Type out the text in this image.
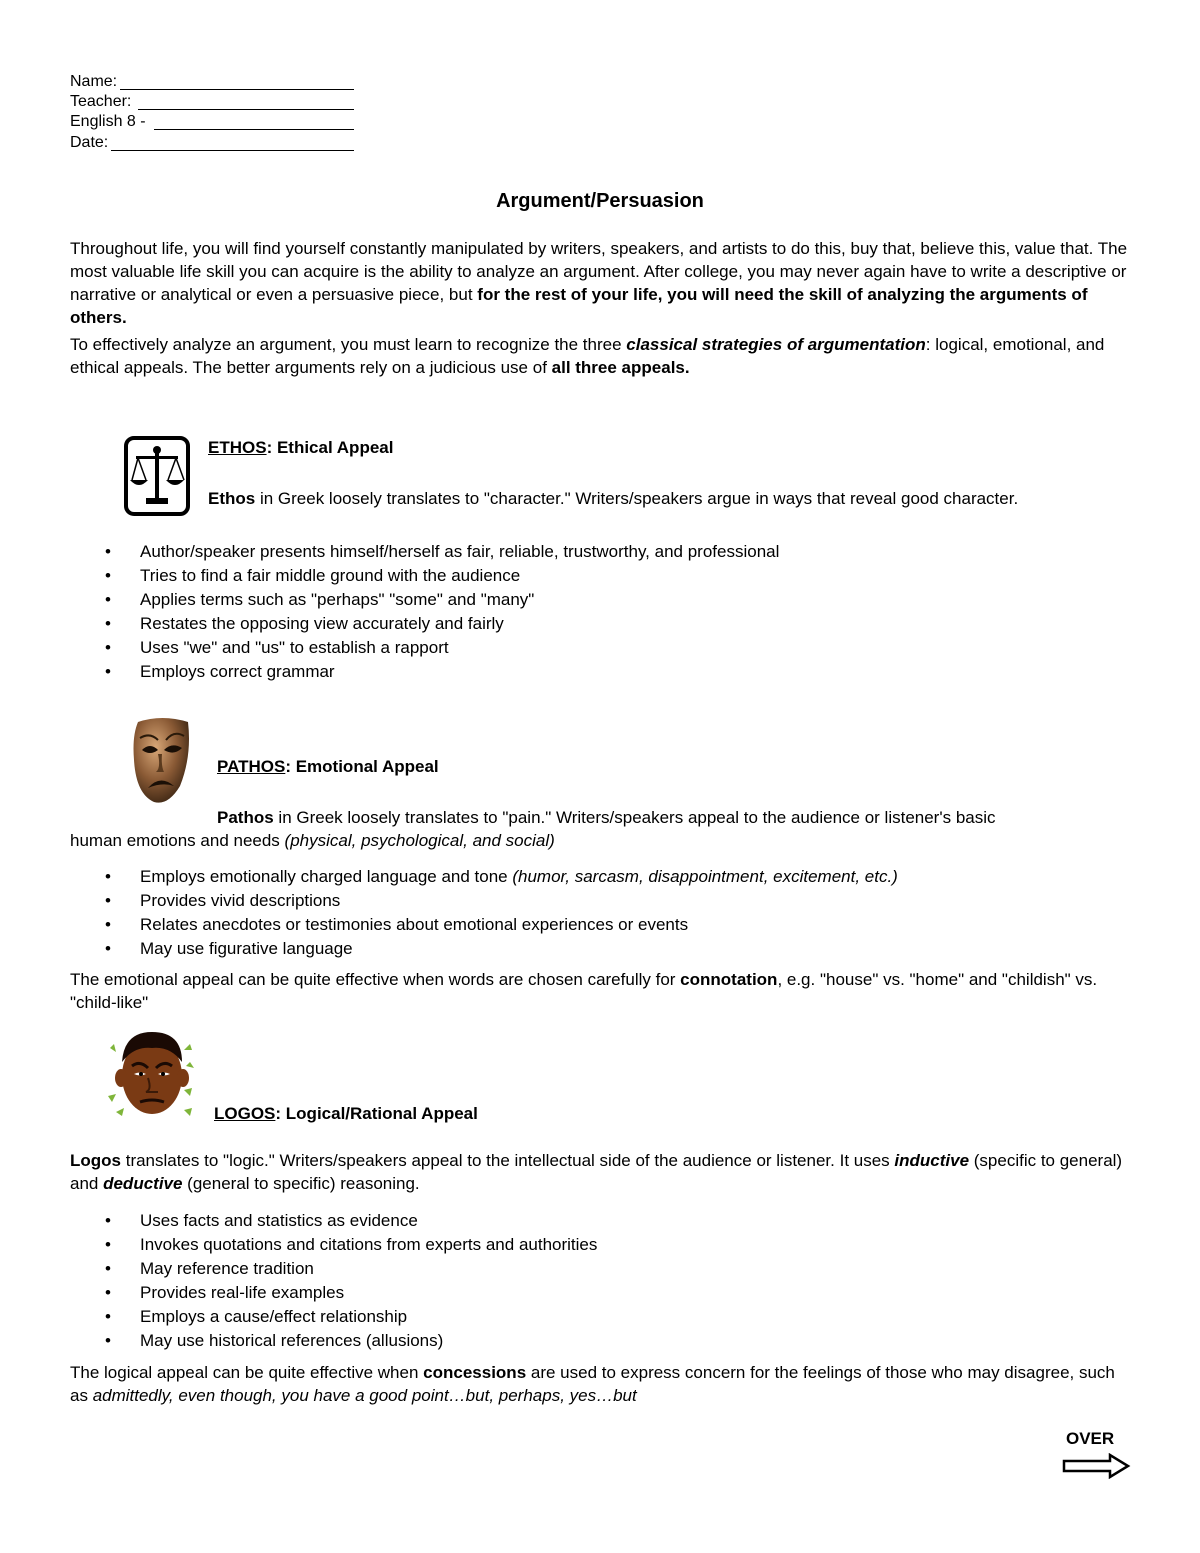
Name:
Teacher:
English 8 -
Date:
Argument/Persuasion
Throughout life, you will find yourself constantly manipulated by writers, speakers, and artists to do this, buy that, believe this, value that. The most valuable life skill you can acquire is the ability to analyze an argument. After college, you may never again have to write a descriptive or narrative or analytical or even a persuasive piece, but for the rest of your life, you will need the skill of analyzing the arguments of others.
To effectively analyze an argument, you must learn to recognize the three classical strategies of argumentation: logical, emotional, and ethical appeals. The better arguments rely on a judicious use of all three appeals.
ETHOS: Ethical Appeal
Ethos in Greek loosely translates to "character." Writers/speakers argue in ways that reveal good character.
• Author/speaker presents himself/herself as fair, reliable, trustworthy, and professional
• Tries to find a fair middle ground with the audience
• Applies terms such as "perhaps" "some" and "many"
• Restates the opposing view accurately and fairly
• Uses "we" and "us" to establish a rapport
• Employs correct grammar
PATHOS: Emotional Appeal
Pathos in Greek loosely translates to "pain." Writers/speakers appeal to the audience or listener's basic
human emotions and needs (physical, psychological, and social)
• Employs emotionally charged language and tone (humor, sarcasm, disappointment, excitement, etc.)
• Provides vivid descriptions
• Relates anecdotes or testimonies about emotional experiences or events
• May use figurative language
The emotional appeal can be quite effective when words are chosen carefully for connotation, e.g. "house" vs. "home" and "childish" vs. "child-like"
LOGOS: Logical/Rational Appeal
Logos translates to "logic." Writers/speakers appeal to the intellectual side of the audience or listener. It uses inductive (specific to general) and deductive (general to specific) reasoning.
• Uses facts and statistics as evidence
• Invokes quotations and citations from experts and authorities
• May reference tradition
• Provides real-life examples
• Employs a cause/effect relationship
• May use historical references (allusions)
The logical appeal can be quite effective when concessions are used to express concern for the feelings of those who may disagree, such as admittedly, even though, you have a good point…but, perhaps, yes…but
OVER
